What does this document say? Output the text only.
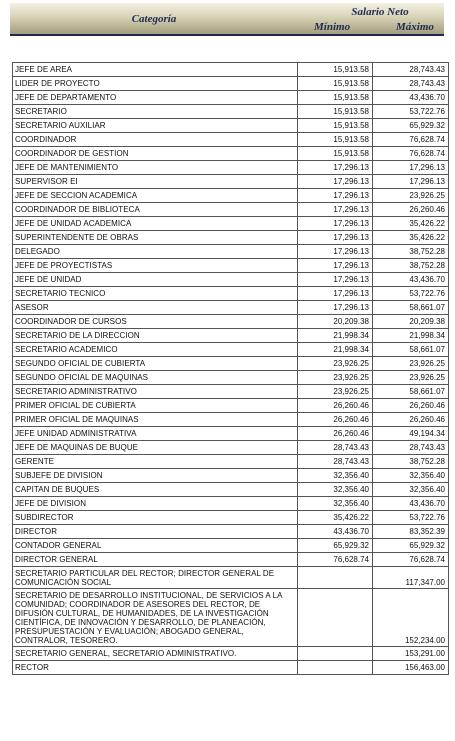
Categoría
Salario Neto
Mínimo	Máximo
JEFE DE AREA	15,913.58	28,743.43
LIDER DE PROYECTO	15,913.58	28,743.43
JEFE DE DEPARTAMENTO	15,913.58	43,436.70
SECRETARIO	15,913.58	53,722.76
SECRETARIO AUXILIAR	15,913.58	65,929.32
COORDINADOR	15,913.58	76,628.74
COORDINADOR DE GESTION	15,913.58	76,628.74
JEFE DE MANTENIMIENTO	17,296.13	17,296.13
SUPERVISOR EI	17,296.13	17,296.13
JEFE DE SECCION ACADEMICA	17,296.13	23,926.25
COORDINADOR DE BIBLIOTECA	17,296.13	26,260.46
JEFE DE UNIDAD ACADEMICA	17,296.13	35,426.22
SUPERINTENDENTE DE OBRAS	17,296.13	35,426.22
DELEGADO	17,296.13	38,752.28
JEFE DE PROYECTISTAS	17,296.13	38,752.28
JEFE DE UNIDAD	17,296.13	43,436.70
SECRETARIO TECNICO	17,296.13	53,722.76
ASESOR	17,296.13	58,661.07
COORDINADOR DE CURSOS	20,209.38	20,209.38
SECRETARIO DE LA DIRECCION	21,998.34	21,998.34
SECRETARIO ACADEMICO	21,998.34	58,661.07
SEGUNDO OFICIAL DE CUBIERTA	23,926.25	23,926.25
SEGUNDO OFICIAL DE MAQUINAS	23,926.25	23,926.25
SECRETARIO ADMINISTRATIVO	23,926.25	58,661.07
PRIMER OFICIAL DE CUBIERTA	26,260.46	26,260.46
PRIMER OFICIAL DE MAQUINAS	26,260.46	26,260.46
JEFE UNIDAD ADMINISTRATIVA	26,260.46	49,194.34
JEFE DE MAQUINAS DE BUQUE	28,743.43	28,743.43
GERENTE	28,743.43	38,752.28
SUBJEFE DE DIVISION	32,356.40	32,356.40
CAPITAN DE BUQUES	32,356.40	32,356.40
JEFE DE DIVISION	32,356.40	43,436.70
SUBDIRECTOR	35,426.22	53,722.76
DIRECTOR	43,436.70	83,352.39
CONTADOR GENERAL	65,929.32	65,929.32
DIRECTOR GENERAL	76,628.74	76,628.74
SECRETARIO PARTICULAR DEL RECTOR; DIRECTOR GENERAL DE COMUNICACIÓN SOCIAL		117,347.00
SECRETARIO DE DESARROLLO INSTITUCIONAL, DE SERVICIOS A LA COMUNIDAD; COORDINADOR DE ASESORES DEL RECTOR, DE DIFUSIÓN CULTURAL, DE HUMANIDADES, DE LA INVESTIGACIÓN CIENTÍFICA, DE INNOVACIÓN Y DESARROLLO, DE PLANEACIÓN, PRESUPUESTACIÓN Y EVALUACIÓN; ABOGADO GENERAL, CONTRALOR, TESORERO.		152,234.00
SECRETARIO GENERAL, SECRETARIO ADMINISTRATIVO.		153,291.00
RECTOR		156,463.00
